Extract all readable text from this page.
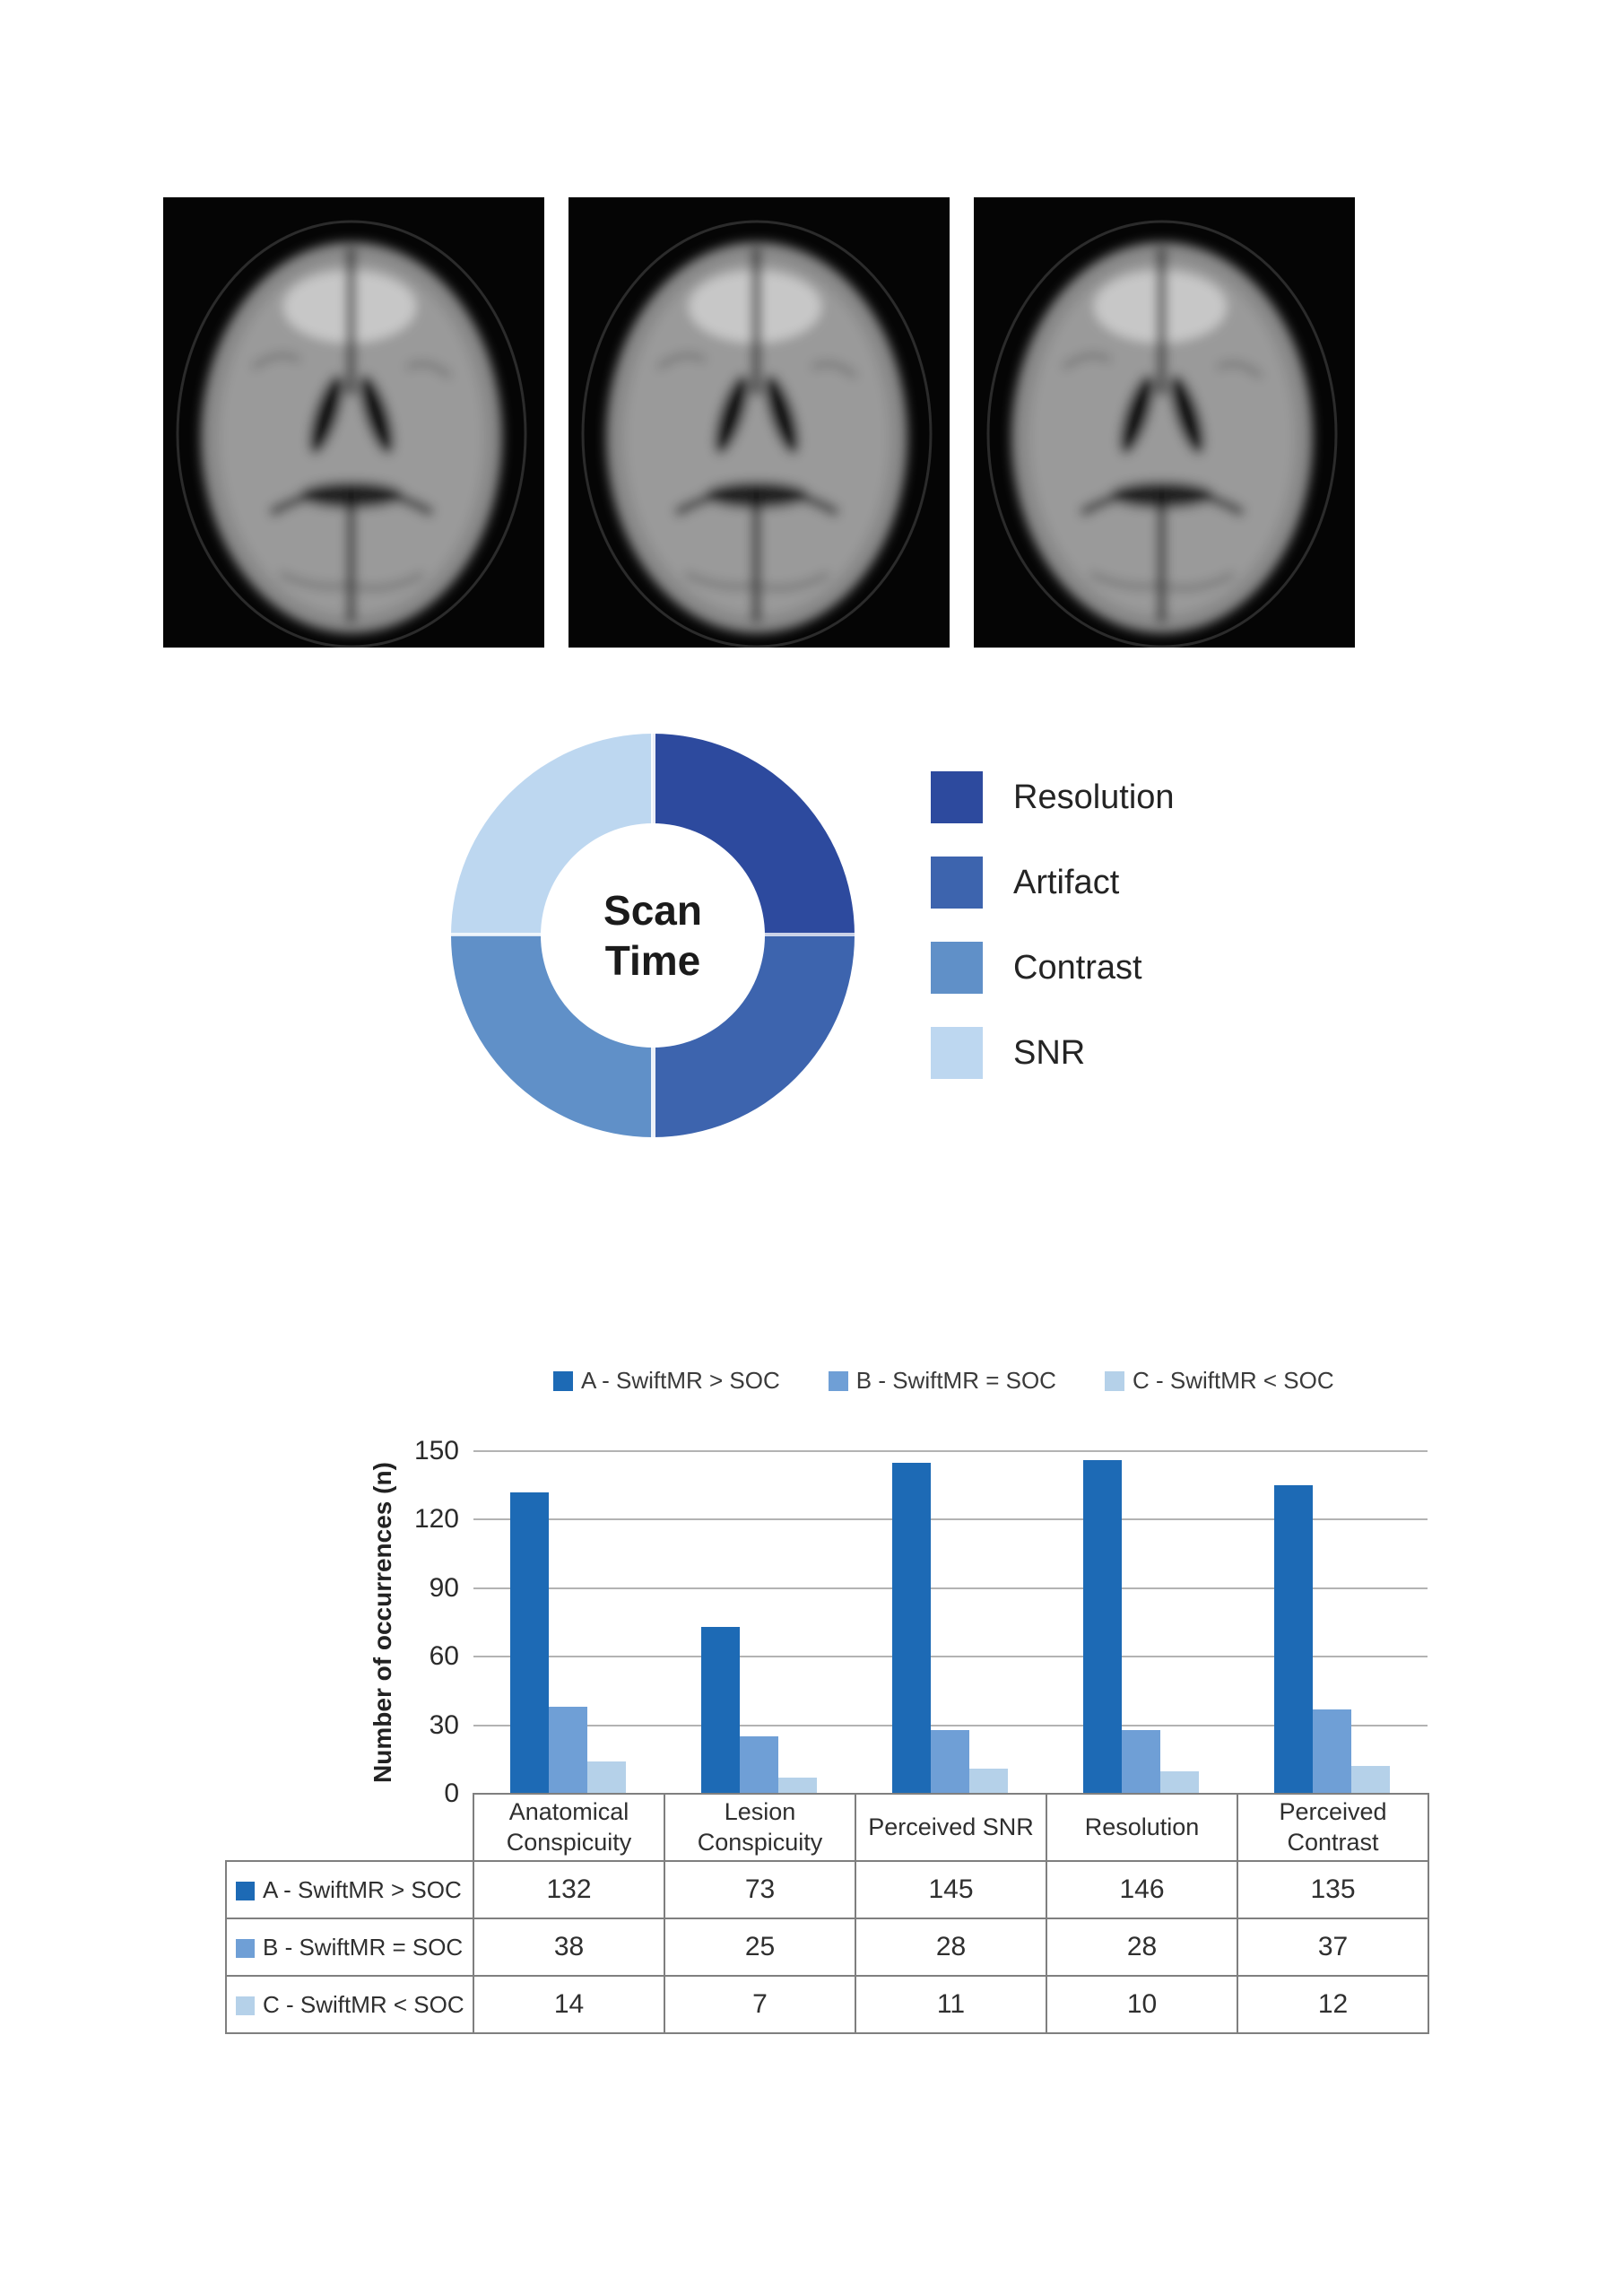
Scan
Time
Resolution
Artifact
Contrast
SNR
A - SwiftMR > SOC	B - SwiftMR = SOC	C - SwiftMR < SOC
Number of occurrences (n)
0
30
60
90
120
150
	Anatomical Conspicuity	Lesion Conspicuity	Perceived SNR	Resolution	Perceived Contrast
A - SwiftMR > SOC	132	73	145	146	135
B - SwiftMR = SOC	38	25	28	28	37
C - SwiftMR < SOC	14	7	11	10	12
